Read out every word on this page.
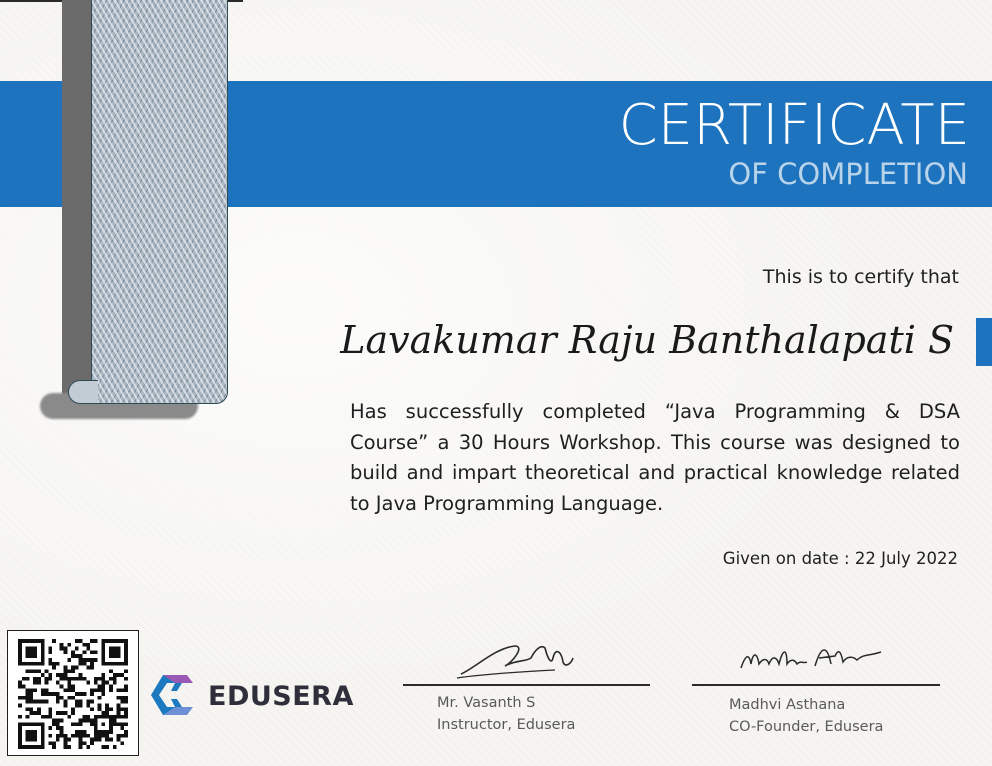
CERTIFICATE
OF COMPLETION
This is to certify that
Lavakumar Raju Banthalapati S
Has successfully completed “Java Programming & DSA Course” a 30 Hours Workshop. This course was designed to build and impart theoretical and practical knowledge related to Java Programming Language.
Given on date : 22 July 2022
EDUSERA	Mr. Vasanth S
Instructor, Edusera
Madhvi Asthana
CO-Founder, Edusera
